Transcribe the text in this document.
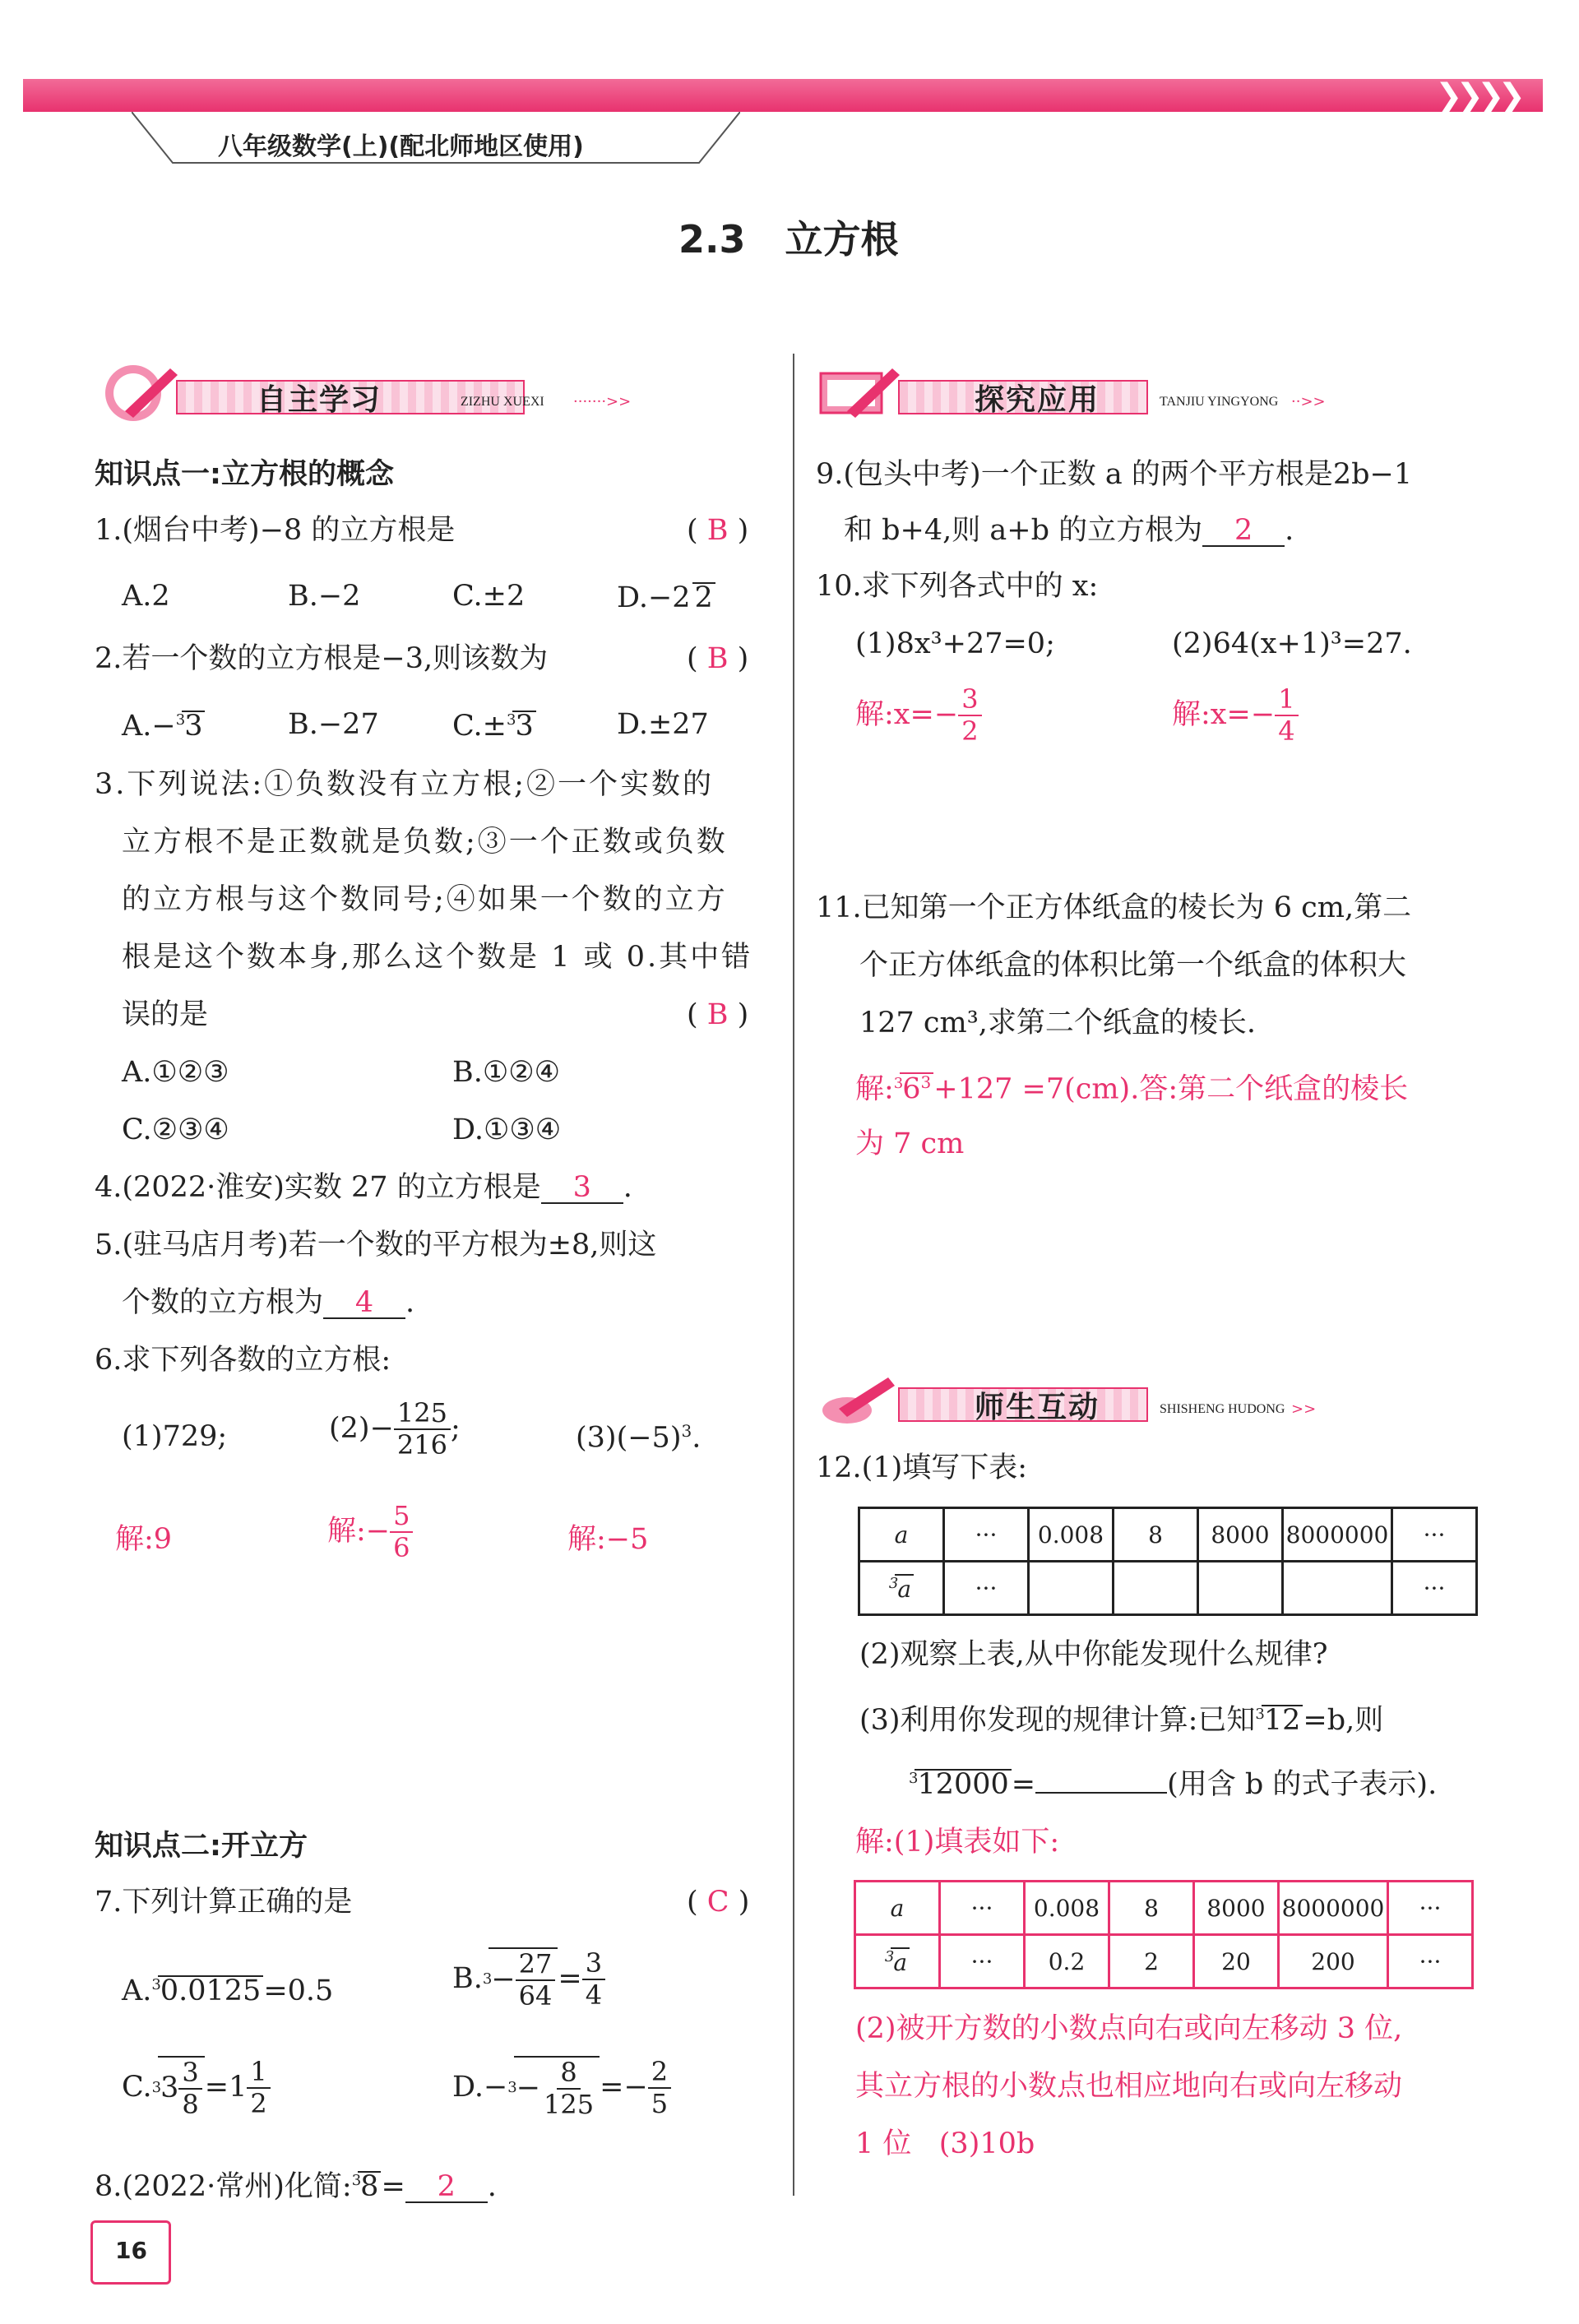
❯❯❯❯
八年级数学(上)(配北师地区使用)
2.3   立方根
自主学习	ZIZHU XUEXI ·······>>
知识点一:立方根的概念
1.(烟台中考)−8 的立方根是	( B )
A.2	B.−2	C.±2	D.−2 2
2.若一个数的立方根是−3,则该数为	( B )
A.−$^3$3	B.−27	C.±$^3$3	D.±27
3.下列说法:①负数没有立方根;②一个实数的
立方根不是正数就是负数;③一个正数或负数
的立方根与这个数同号;④如果一个数的立方
根是这个数本身,那么这个数是 1 或 0.其中错
误的是	( B )
A.①②③	B.①②④
C.②③④	D.①③④
4.(2022·淮安)实数 27 的立方根是 3 .
5.(驻马店月考)若一个数的平方根为±8,则这
个数的立方根为 4 .
6.求下列各数的立方根:
(1)729;	$(2)- \frac{125}{216}$ ;	$(3)(-5)^3$.
解:9	解:− $\frac{5}{6}$	解:−5
知识点二:开立方
7.下列计算正确的是	( C )
A.$^3$0.0125=0.5	B. $3 - \frac{27}{64} = \frac{3}{4}$
C. 3 $3 \frac{3}{8} =1 \frac{1}{2}$	$D.- 3 - \frac{8}{125} =- \frac{2}{5}$
8.(2022·常州)化简:$^3$8= 2 .
16
探究应用	TANJIU YINGYONG ··>>
9.(包头中考)一个正数 a 的两个平方根是2b−1
和 b+4,则 a+b 的立方根为 2 .
10.求下列各式中的 x:
(1)8x³+27=0;	(2)64(x+1)³=27.
解:x=− $\frac{3}{2}$	解:x=− $\frac{1}{4}$
11.已知第一个正方体纸盒的棱长为 6 cm,第二
个正方体纸盒的体积比第一个纸盒的体积大
127 cm³,求第二个纸盒的棱长.
解$:^36^3+127 =7(cm)$.答:第二个纸盒的棱长
为 7 cm
师生互动	SHISHENG HUDONG >>
12.(1)填写下表:
a	···	0.008	8	8000	8000000	···
$^3$a	···					···
(2)观察上表,从中你能发现什么规律?
(3)利用你发现的规律计算:已知$^3$12=b,则
$^3$12000=	(用含 b 的式子表示).
解:(1)填表如下:
a	···	0.008	8	8000	8000000	···
$^3$a	···	0.2	2	20	200	···
(2)被开方数的小数点向右或向左移动 3 位,
其立方根的小数点也相应地向右或向左移动
1 位   (3)10b
